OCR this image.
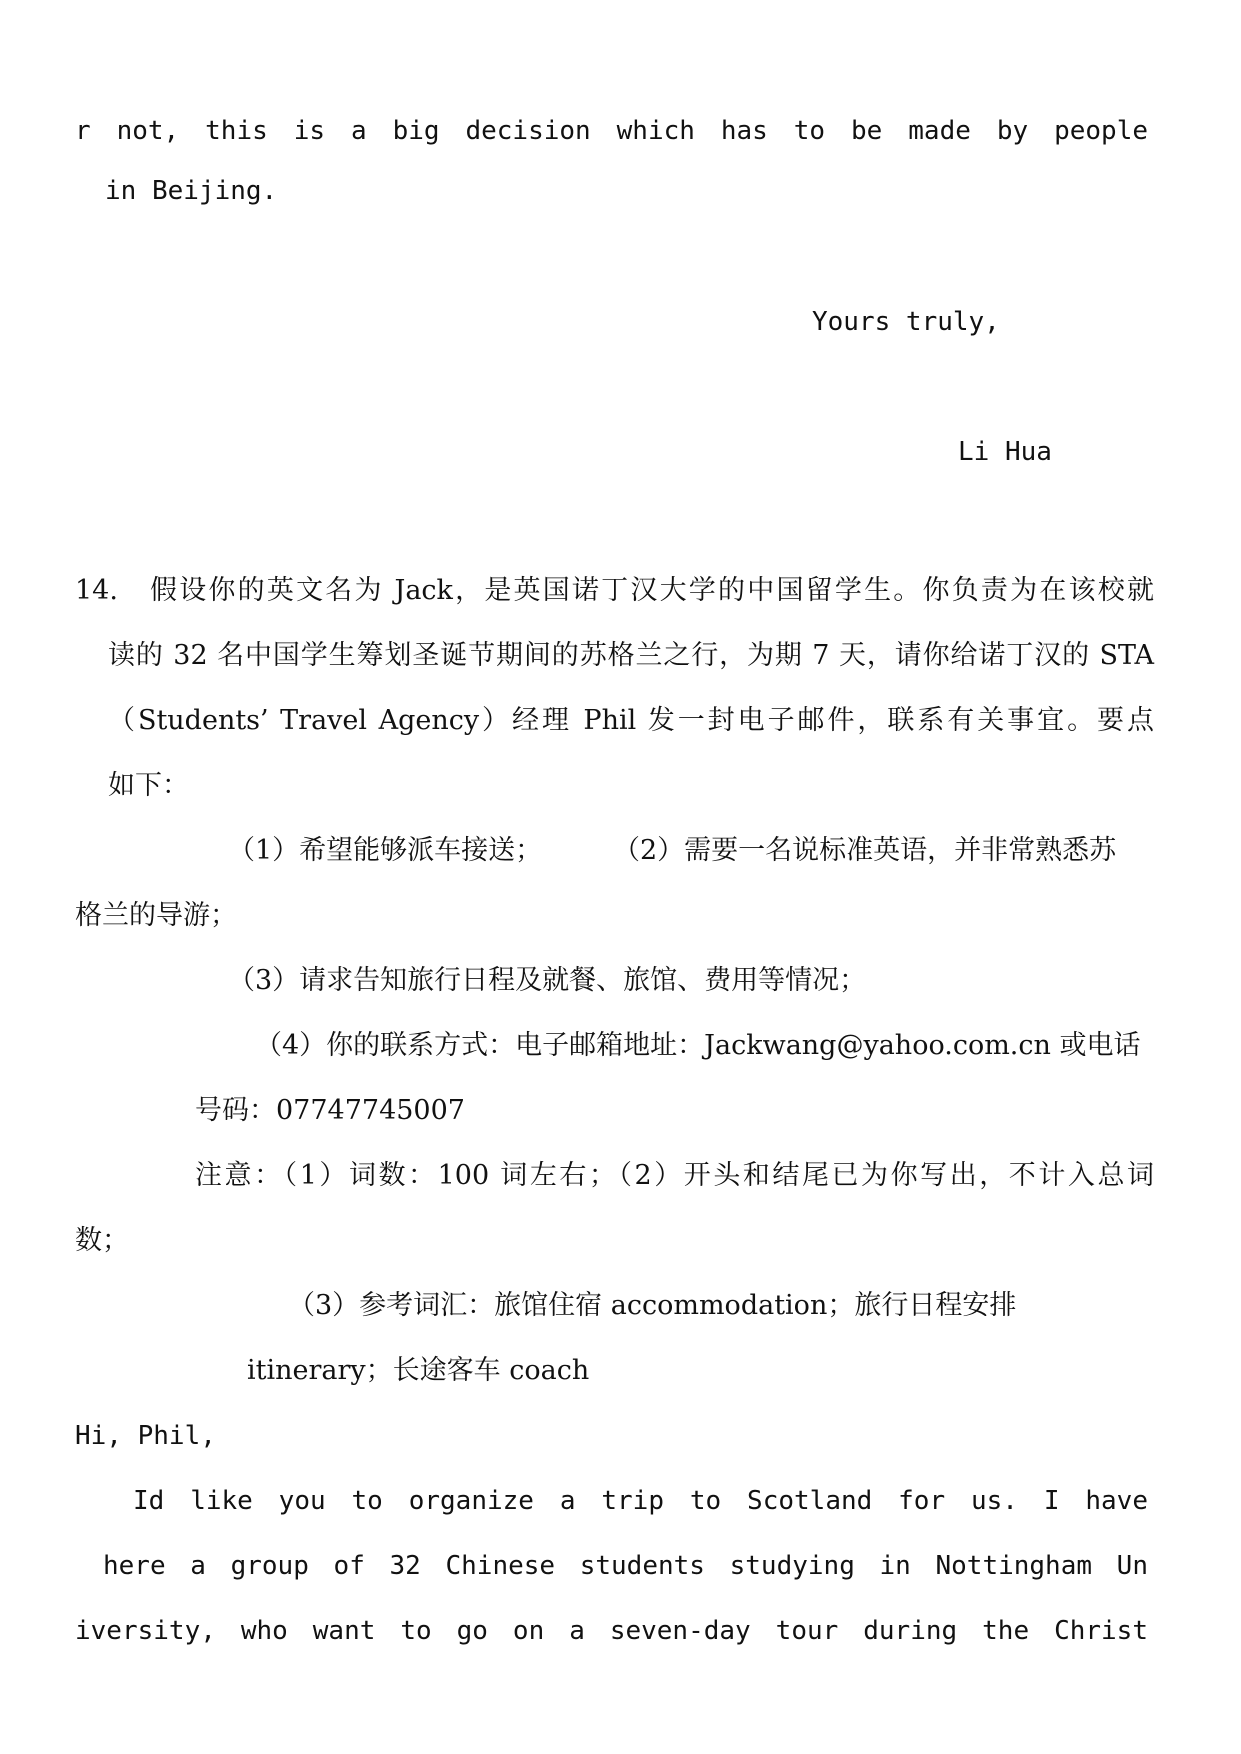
r not, this is a big decision which has to be made by people
in Beijing.
Yours truly,
Li Hua
14.	假设你的英文名为 Jack，是英国诺丁汉大学的中国留学生。你负责为在该校就
读的 32 名中国学生筹划圣诞节期间的苏格兰之行，为期 7 天，请你给诺丁汉的 STA
（Students’ Travel Agency）经理 Phil 发一封电子邮件，联系有关事宜。要点
如下：
（1）希望能够派车接送；	（2）需要一名说标准英语，并非常熟悉苏
格兰的导游；
（3）请求告知旅行日程及就餐、旅馆、费用等情况；
（4）你的联系方式：电子邮箱地址：Jackwang@yahoo.com.cn 或电话
号码：07747745007
注意：（1）词数：100 词左右；（2）开头和结尾已为你写出，不计入总词
数；
（3）参考词汇：旅馆住宿 accommodation；旅行日程安排
itinerary；长途客车 coach
Hi, Phil,
Id like you to organize a trip to Scotland for us. I have
here a group of 32 Chinese students studying in Nottingham Un
iversity, who want to go on a seven-day tour during the Christ
